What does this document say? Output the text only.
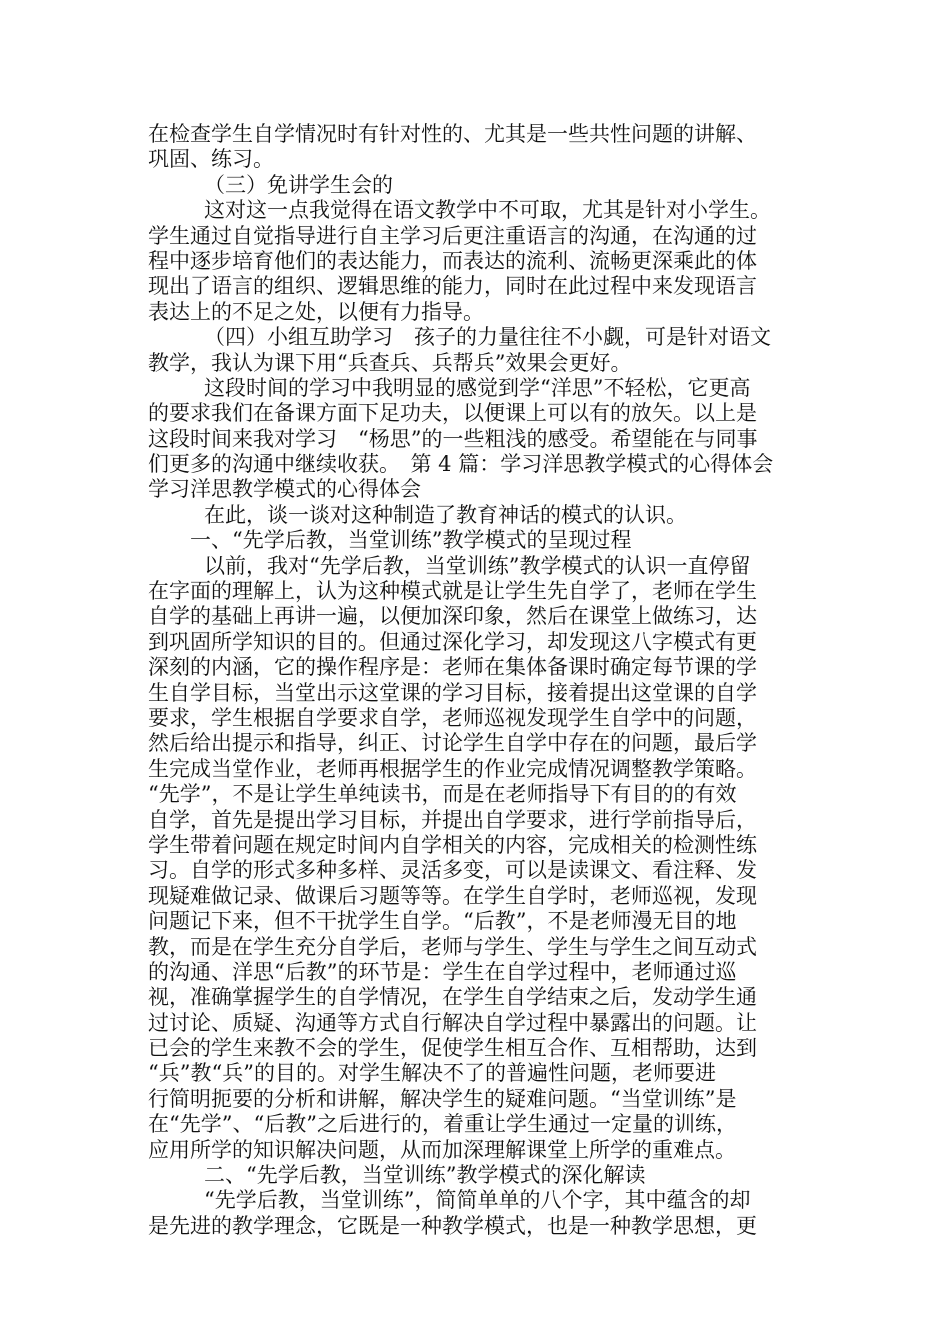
在检查学生自学情况时有针对性的、尤其是一些共性问题的讲解、
巩固、练习。
（三）免讲学生会的
这对这一点我觉得在语文教学中不可取，尤其是针对小学生。
学生通过自觉指导进行自主学习后更注重语言的沟通，在沟通的过
程中逐步培育他们的表达能力，而表达的流利、流畅更深乘此的体
现出了语言的组织、逻辑思维的能力，同时在此过程中来发现语言
表达上的不足之处，以便有力指导。
（四）小组互助学习　孩子的力量往往不小觑，可是针对语文
教学，我认为课下用“兵查兵、兵帮兵”效果会更好。
这段时间的学习中我明显的感觉到学“洋思”不轻松，它更高
的要求我们在备课方面下足功夫，以便课上可以有的放矢。以上是
这段时间来我对学习　“杨思”的一些粗浅的感受。希望能在与同事
们更多的沟通中继续收获。　第 4 篇：学习洋思教学模式的心得体会
学习洋思教学模式的心得体会
在此，谈一谈对这种制造了教育神话的模式的认识。
一、“先学后教，当堂训练”教学模式的呈现过程
以前，我对“先学后教，当堂训练”教学模式的认识一直停留
在字面的理解上，认为这种模式就是让学生先自学了，老师在学生
自学的基础上再讲一遍，以便加深印象，然后在课堂上做练习，达
到巩固所学知识的目的。但通过深化学习，却发现这八字模式有更
深刻的内涵，它的操作程序是：老师在集体备课时确定每节课的学
生自学目标，当堂出示这堂课的学习目标，接着提出这堂课的自学
要求，学生根据自学要求自学，老师巡视发现学生自学中的问题，
然后给出提示和指导，纠正、讨论学生自学中存在的问题，最后学
生完成当堂作业，老师再根据学生的作业完成情况调整教学策略。
“先学”，不是让学生单纯读书，而是在老师指导下有目的的有效
自学，首先是提出学习目标，并提出自学要求，进行学前指导后，
学生带着问题在规定时间内自学相关的内容，完成相关的检测性练
习。自学的形式多种多样、灵活多变，可以是读课文、看注释、发
现疑难做记录、做课后习题等等。在学生自学时，老师巡视，发现
问题记下来，但不干扰学生自学。“后教”，不是老师漫无目的地
教，而是在学生充分自学后，老师与学生、学生与学生之间互动式
的沟通、洋思“后教”的环节是：学生在自学过程中，老师通过巡
视，准确掌握学生的自学情况，在学生自学结束之后，发动学生通
过讨论、质疑、沟通等方式自行解决自学过程中暴露出的问题。让
已会的学生来教不会的学生，促使学生相互合作、互相帮助，达到
“兵”教“兵”的目的。对学生解决不了的普遍性问题，老师要进
行简明扼要的分析和讲解，解决学生的疑难问题。“当堂训练”是
在“先学”、“后教”之后进行的，着重让学生通过一定量的训练，
应用所学的知识解决问题，从而加深理解课堂上所学的重难点。
二、“先学后教，当堂训练”教学模式的深化解读
“先学后教，当堂训练”，简简单单的八个字，其中蕴含的却
是先进的教学理念，它既是一种教学模式，也是一种教学思想，更
